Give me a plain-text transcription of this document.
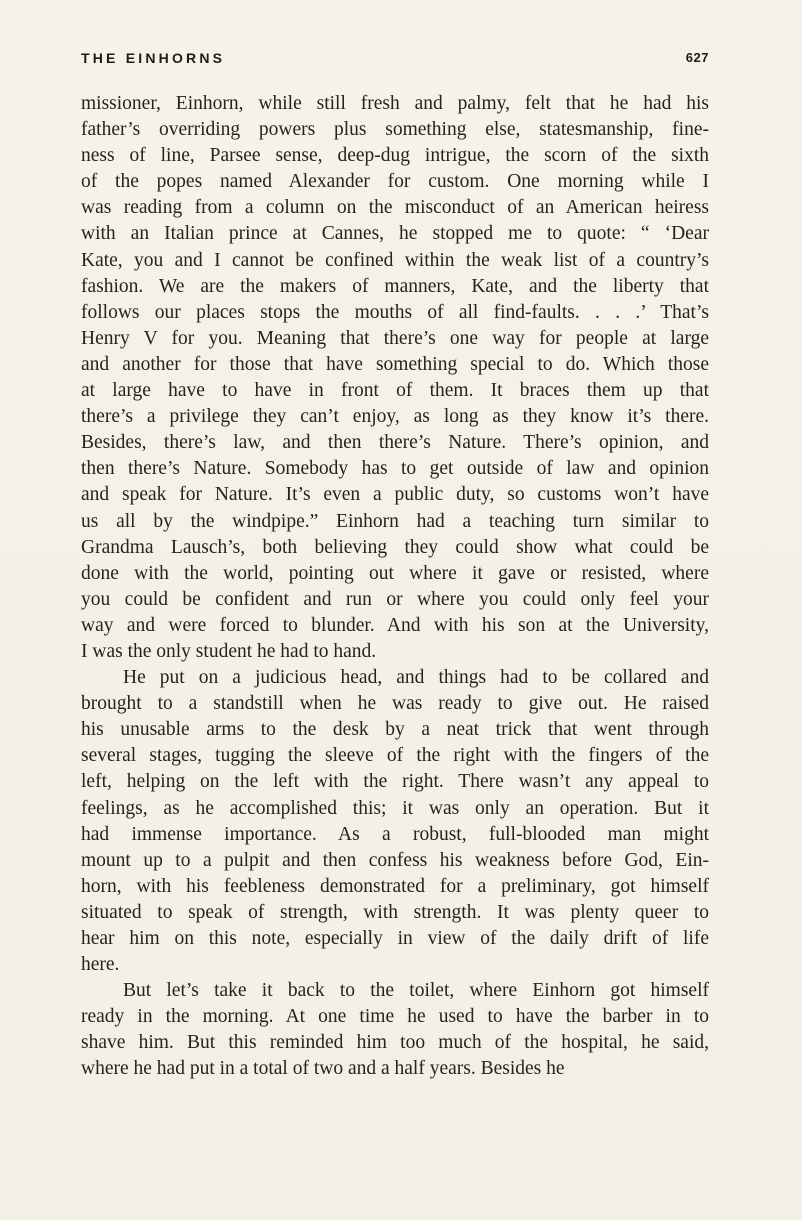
THE EINHORNS	627
missioner, Einhorn, while still fresh and palmy, felt that he had his
father’s overriding powers plus something else, statesmanship, fine-
ness of line, Parsee sense, deep-dug intrigue, the scorn of the sixth
of the popes named Alexander for custom. One morning while I
was reading from a column on the misconduct of an American heiress
with an Italian prince at Cannes, he stopped me to quote: “ ‘Dear
Kate, you and I cannot be confined within the weak list of a country’s
fashion. We are the makers of manners, Kate, and the liberty that
follows our places stops the mouths of all find-faults. . . .’ That’s
Henry V for you. Meaning that there’s one way for people at large
and another for those that have something special to do. Which those
at large have to have in front of them. It braces them up that
there’s a privilege they can’t enjoy, as long as they know it’s there.
Besides, there’s law, and then there’s Nature. There’s opinion, and
then there’s Nature. Somebody has to get outside of law and opinion
and speak for Nature. It’s even a public duty, so customs won’t have
us all by the windpipe.” Einhorn had a teaching turn similar to
Grandma Lausch’s, both believing they could show what could be
done with the world, pointing out where it gave or resisted, where
you could be confident and run or where you could only feel your
way and were forced to blunder. And with his son at the University,
I was the only student he had to hand.
He put on a judicious head, and things had to be collared and
brought to a standstill when he was ready to give out. He raised
his unusable arms to the desk by a neat trick that went through
several stages, tugging the sleeve of the right with the fingers of the
left, helping on the left with the right. There wasn’t any appeal to
feelings, as he accomplished this; it was only an operation. But it
had immense importance. As a robust, full-blooded man might
mount up to a pulpit and then confess his weakness before God, Ein-
horn, with his feebleness demonstrated for a preliminary, got himself
situated to speak of strength, with strength. It was plenty queer to
hear him on this note, especially in view of the daily drift of life
here.
But let’s take it back to the toilet, where Einhorn got himself
ready in the morning. At one time he used to have the barber in to
shave him. But this reminded him too much of the hospital, he said,
where he had put in a total of two and a half years. Besides he
